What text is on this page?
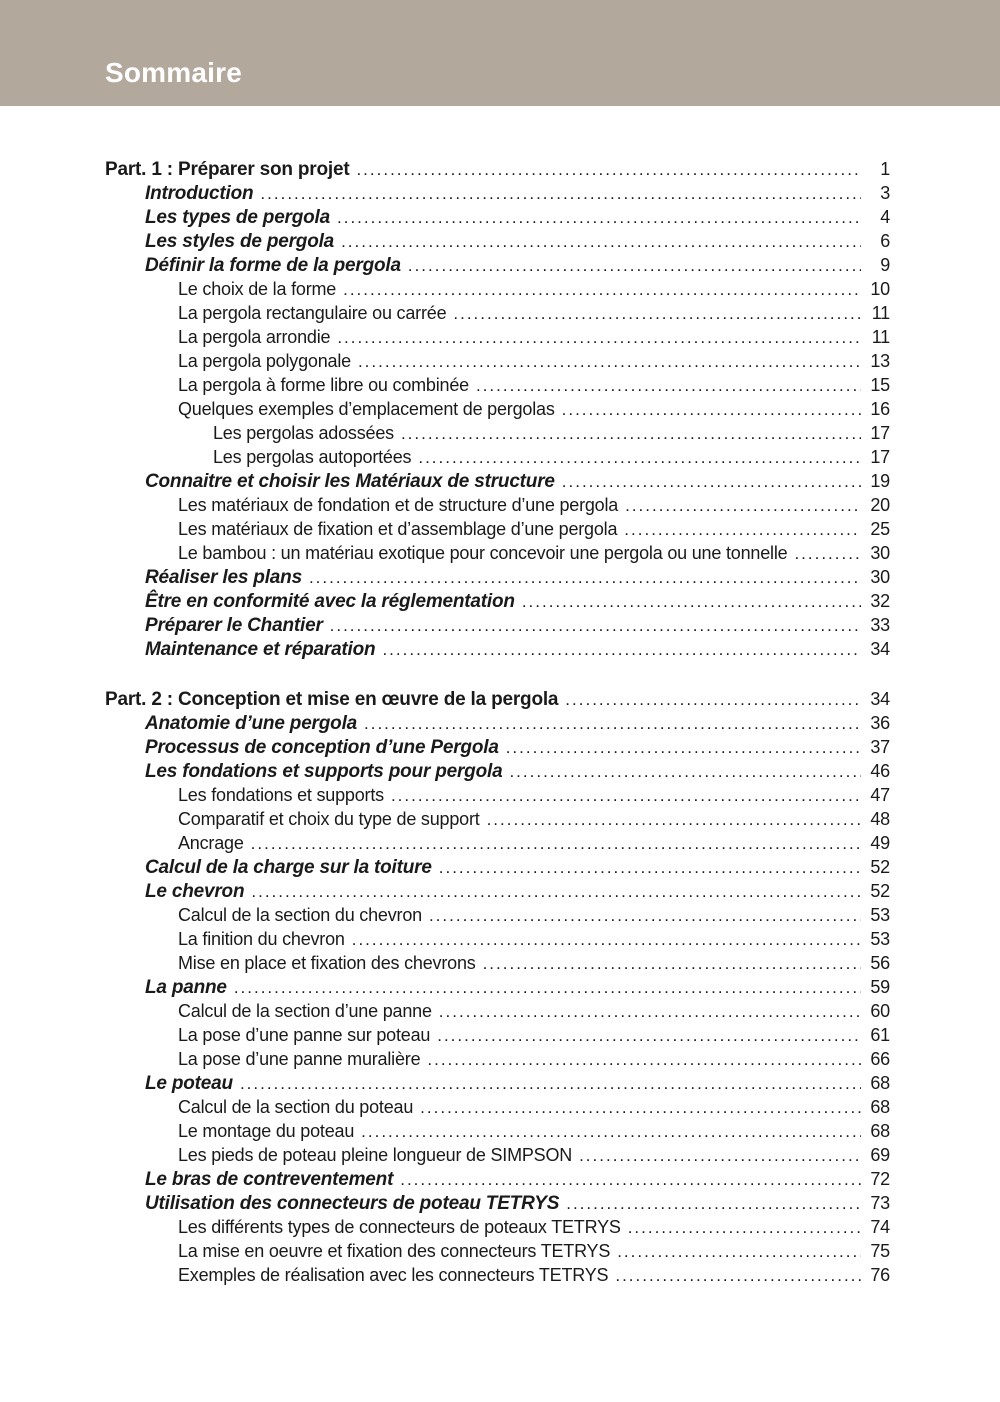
Sommaire
Part. 1 : Préparer son projet .....	1
Introduction .....	3
Les types de pergola .....	4
Les styles de pergola .....	6
Définir la forme de la pergola .....	9
Le choix de la forme .....	10
La pergola rectangulaire ou carrée .....	11
La pergola arrondie .....	11
La pergola polygonale .....	13
La pergola à forme libre ou combinée .....	15
Quelques exemples d’emplacement de pergolas .....	16
Les pergolas adossées .....	17
Les pergolas autoportées .....	17
Connaitre et choisir les Matériaux de structure .....	19
Les matériaux de fondation et de structure d’une pergola .....	20
Les matériaux de fixation et d’assemblage d’une pergola .....	25
Le bambou : un matériau exotique pour concevoir une pergola ou une tonnelle .....	30
Réaliser les plans .....	30
Être en conformité avec la réglementation .....	32
Préparer le Chantier .....	33
Maintenance et réparation .....	34
Part. 2 : Conception et mise en œuvre de la pergola .....	34
Anatomie d’une pergola .....	36
Processus de conception d’une Pergola .....	37
Les fondations et supports pour pergola .....	46
Les fondations et supports .....	47
Comparatif et choix du type de support .....	48
Ancrage .....	49
Calcul de la charge sur la toiture .....	52
Le chevron .....	52
Calcul de la section du chevron .....	53
La finition du chevron .....	53
Mise en place et fixation des chevrons .....	56
La panne .....	59
Calcul de la section d’une panne .....	60
La pose d’une panne sur poteau .....	61
La pose d’une panne muralière .....	66
Le poteau .....	68
Calcul de la section du poteau .....	68
Le montage du poteau .....	68
Les pieds de poteau pleine longueur de SIMPSON .....	69
Le bras de contreventement .....	72
Utilisation des connecteurs de poteau TETRYS .....	73
Les différents types de connecteurs de poteaux TETRYS .....	74
La mise en oeuvre et fixation des connecteurs TETRYS .....	75
Exemples de réalisation avec les connecteurs TETRYS .....	76
